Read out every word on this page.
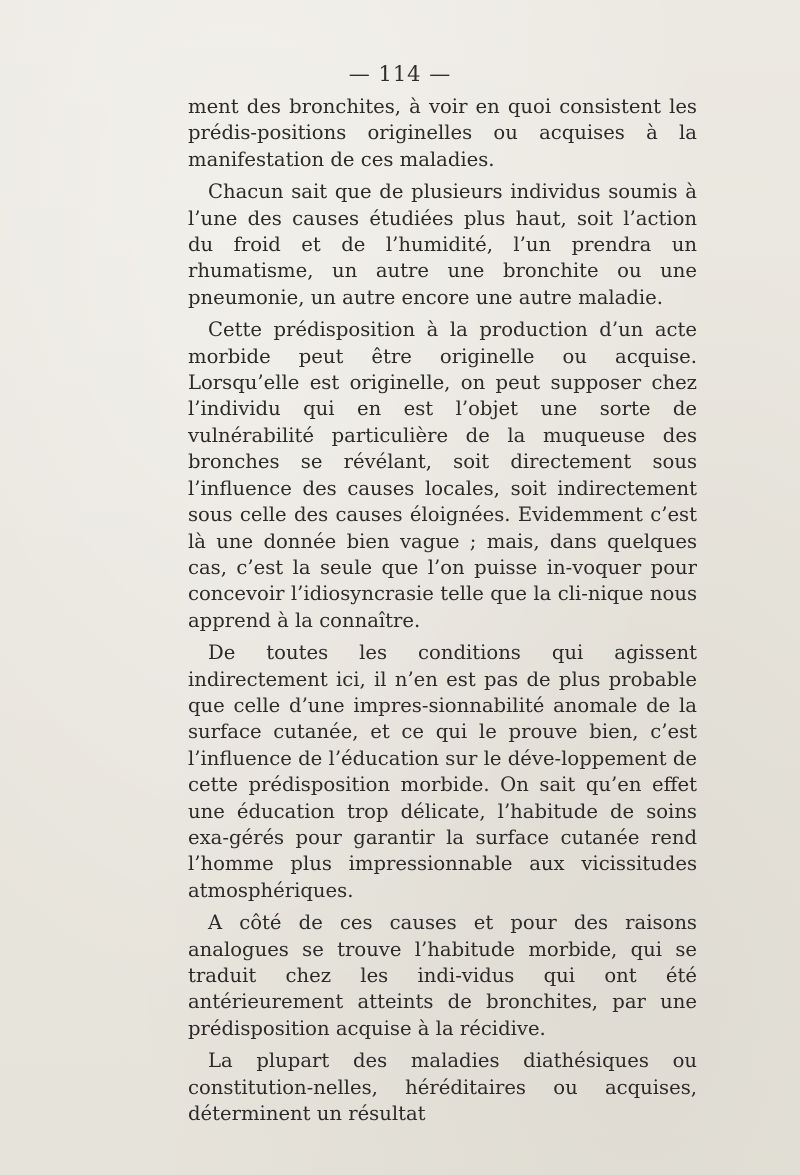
— 114 —

ment des bronchites, à voir en quoi consistent les prédis-positions originelles ou acquises à la manifestation de ces maladies.

Chacun sait que de plusieurs individus soumis à l’une des causes étudiées plus haut, soit l’action du froid et de l’humidité, l’un prendra un rhumatisme, un autre une bronchite ou une pneumonie, un autre encore une autre maladie.

Cette prédisposition à la production d’un acte morbide peut être originelle ou acquise. Lorsqu’elle est originelle, on peut supposer chez l’individu qui en est l’objet une sorte de vulnérabilité particulière de la muqueuse des bronches se révélant, soit directement sous l’influence des causes locales, soit indirectement sous celle des causes éloignées. Evidemment c’est là une donnée bien vague ; mais, dans quelques cas, c’est la seule que l’on puisse in-voquer pour concevoir l’idiosyncrasie telle que la cli-nique nous apprend à la connaître.

De toutes les conditions qui agissent indirectement ici, il n’en est pas de plus probable que celle d’une impres-sionnabilité anomale de la surface cutanée, et ce qui le prouve bien, c’est l’influence de l’éducation sur le déve-loppement de cette prédisposition morbide. On sait qu’en effet une éducation trop délicate, l’habitude de soins exa-gérés pour garantir la surface cutanée rend l’homme plus impressionnable aux vicissitudes atmosphériques.

A côté de ces causes et pour des raisons analogues se trouve l’habitude morbide, qui se traduit chez les indi-vidus qui ont été antérieurement atteints de bronchites, par une prédisposition acquise à la récidive.

La plupart des maladies diathésiques ou constitution-nelles, héréditaires ou acquises, déterminent un résultat
